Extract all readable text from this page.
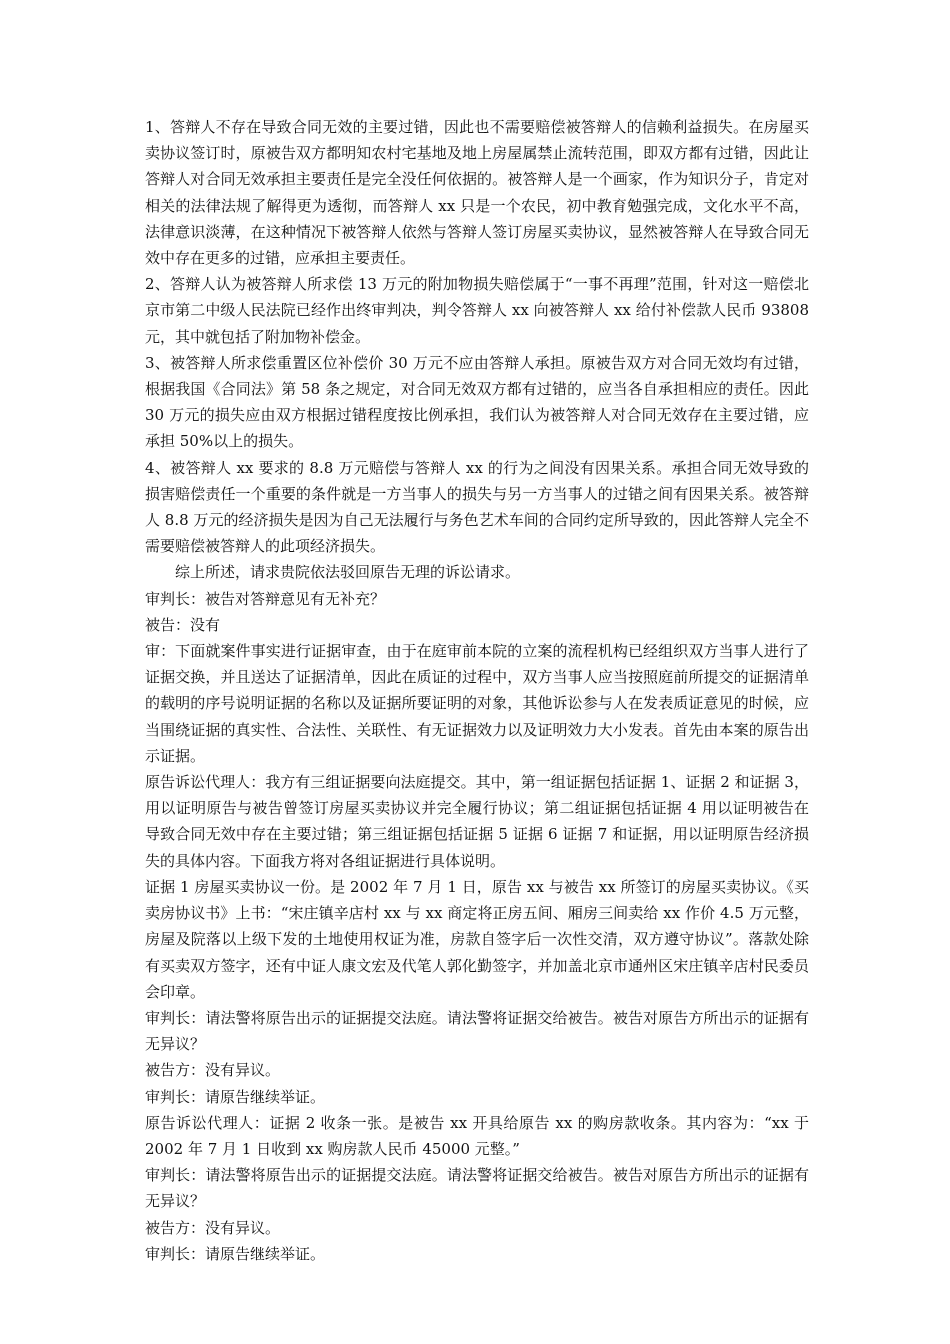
1、答辩人不存在导致合同无效的主要过错，因此也不需要赔偿被答辩人的信赖利益损失。在房屋买卖协议签订时，原被告双方都明知农村宅基地及地上房屋属禁止流转范围，即双方都有过错，因此让答辩人对合同无效承担主要责任是完全没任何依据的。被答辩人是一个画家，作为知识分子，肯定对相关的法律法规了解得更为透彻，而答辩人 xx 只是一个农民，初中教育勉强完成，文化水平不高，法律意识淡薄，在这种情况下被答辩人依然与答辩人签订房屋买卖协议，显然被答辩人在导致合同无效中存在更多的过错，应承担主要责任。

2、答辩人认为被答辩人所求偿 13 万元的附加物损失赔偿属于“一事不再理”范围，针对这一赔偿北京市第二中级人民法院已经作出终审判决，判令答辩人 xx 向被答辩人 xx 给付补偿款人民币 93808 元，其中就包括了附加物补偿金。

3、被答辩人所求偿重置区位补偿价 30 万元不应由答辩人承担。原被告双方对合同无效均有过错，根据我国《合同法》第 58 条之规定，对合同无效双方都有过错的，应当各自承担相应的责任。因此 30 万元的损失应由双方根据过错程度按比例承担，我们认为被答辩人对合同无效存在主要过错，应承担 50%以上的损失。

4、被答辩人 xx 要求的 8.8 万元赔偿与答辩人 xx 的行为之间没有因果关系。承担合同无效导致的损害赔偿责任一个重要的条件就是一方当事人的损失与另一方当事人的过错之间有因果关系。被答辩人 8.8 万元的经济损失是因为自己无法履行与务色艺术车间的合同约定所导致的，因此答辩人完全不需要赔偿被答辩人的此项经济损失。

综上所述，请求贵院依法驳回原告无理的诉讼请求。

审判长：被告对答辩意见有无补充？

被告：没有

审：下面就案件事实进行证据审查，由于在庭审前本院的立案的流程机构已经组织双方当事人进行了证据交换，并且送达了证据清单，因此在质证的过程中，双方当事人应当按照庭前所提交的证据清单的载明的序号说明证据的名称以及证据所要证明的对象，其他诉讼参与人在发表质证意见的时候，应当围绕证据的真实性、合法性、关联性、有无证据效力以及证明效力大小发表。首先由本案的原告出示证据。

原告诉讼代理人：我方有三组证据要向法庭提交。其中，第一组证据包括证据 1、证据 2 和证据 3，用以证明原告与被告曾签订房屋买卖协议并完全履行协议；第二组证据包括证据 4 用以证明被告在导致合同无效中存在主要过错；第三组证据包括证据 5 证据 6 证据 7 和证据，用以证明原告经济损失的具体内容。下面我方将对各组证据进行具体说明。

证据 1 房屋买卖协议一份。是 2002 年 7 月 1 日，原告 xx 与被告 xx 所签订的房屋买卖协议。《买卖房协议书》上书：“宋庄镇辛店村 xx 与 xx 商定将正房五间、厢房三间卖给 xx 作价 4.5 万元整，房屋及院落以上级下发的土地使用权证为准，房款自签字后一次性交清，双方遵守协议”。落款处除有买卖双方签字，还有中证人康文宏及代笔人郭化勤签字，并加盖北京市通州区宋庄镇辛店村民委员会印章。

审判长：请法警将原告出示的证据提交法庭。请法警将证据交给被告。被告对原告方所出示的证据有无异议？

被告方：没有异议。

审判长：请原告继续举证。

原告诉讼代理人：证据 2 收条一张。是被告 xx 开具给原告 xx 的购房款收条。其内容为：“xx 于 2002 年 7 月 1 日收到 xx 购房款人民币 45000 元整。”

审判长：请法警将原告出示的证据提交法庭。请法警将证据交给被告。被告对原告方所出示的证据有无异议？

被告方：没有异议。

审判长：请原告继续举证。
